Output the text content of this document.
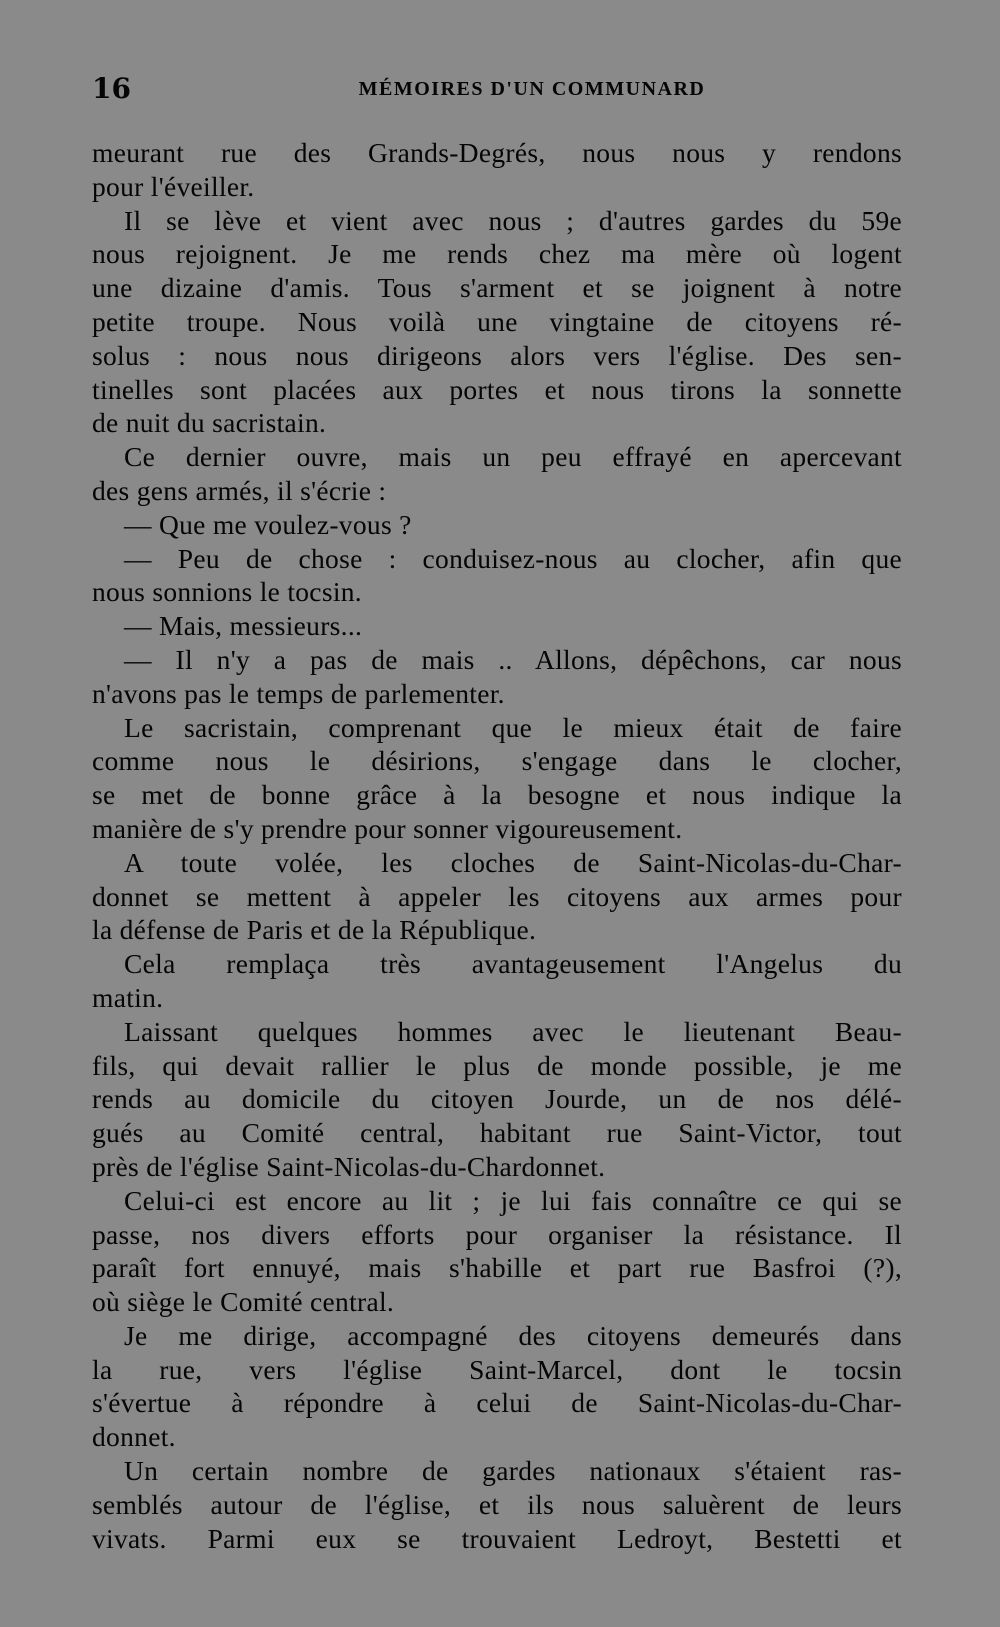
16	MÉMOIRES D'UN COMMUNARD
meurant rue des Grands-Degrés, nous nous y rendons
pour l'éveiller.
Il se lève et vient avec nous ; d'autres gardes du 59e
nous rejoignent. Je me rends chez ma mère où logent
une dizaine d'amis. Tous s'arment et se joignent à notre
petite troupe. Nous voilà une vingtaine de citoyens ré-
solus : nous nous dirigeons alors vers l'église. Des sen-
tinelles sont placées aux portes et nous tirons la sonnette
de nuit du sacristain.
Ce dernier ouvre, mais un peu effrayé en apercevant
des gens armés, il s'écrie :
— Que me voulez-vous ?
— Peu de chose : conduisez-nous au clocher, afin que
nous sonnions le tocsin.
— Mais, messieurs...
— Il n'y a pas de mais .. Allons, dépêchons, car nous
n'avons pas le temps de parlementer.
Le sacristain, comprenant que le mieux était de faire
comme nous le désirions, s'engage dans le clocher,
se met de bonne grâce à la besogne et nous indique la
manière de s'y prendre pour sonner vigoureusement.
A toute volée, les cloches de Saint-Nicolas-du-Char-
donnet se mettent à appeler les citoyens aux armes pour
la défense de Paris et de la République.
Cela remplaça très avantageusement l'Angelus du
matin.
Laissant quelques hommes avec le lieutenant Beau-
fils, qui devait rallier le plus de monde possible, je me
rends au domicile du citoyen Jourde, un de nos délé-
gués au Comité central, habitant rue Saint-Victor, tout
près de l'église Saint-Nicolas-du-Chardonnet.
Celui-ci est encore au lit ; je lui fais connaître ce qui se
passe, nos divers efforts pour organiser la résistance. Il
paraît fort ennuyé, mais s'habille et part rue Basfroi (?),
où siège le Comité central.
Je me dirige, accompagné des citoyens demeurés dans
la rue, vers l'église Saint-Marcel, dont le tocsin
s'évertue à répondre à celui de Saint-Nicolas-du-Char-
donnet.
Un certain nombre de gardes nationaux s'étaient ras-
semblés autour de l'église, et ils nous saluèrent de leurs
vivats. Parmi eux se trouvaient Ledroyt, Bestetti et
